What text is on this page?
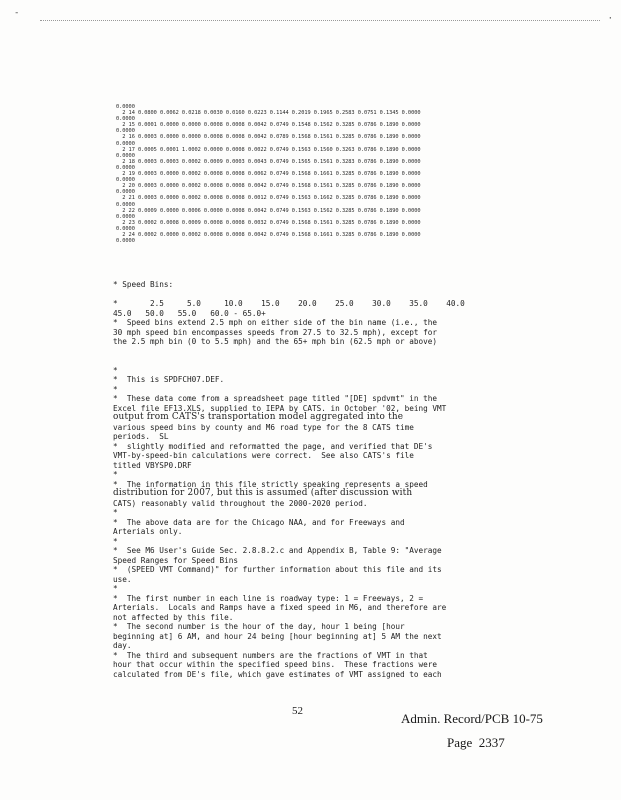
-
·
0.0000
2 14 0.0800 0.0062 0.0218 0.0030 0.0160 0.0223 0.1144 0.2019 0.1965 0.2583 0.0751 0.1345 0.0000
0.0000
2 15 0.0001 0.0000 0.0000 0.0008 0.0008 0.0042 0.0749 0.1548 0.1562 0.3285 0.0786 0.1890 0.0000
0.0000
2 16 0.0003 0.0000 0.0000 0.0008 0.0008 0.0042 0.0789 0.1568 0.1561 0.3285 0.0786 0.1890 0.0000
0.0000
2 17 0.0005 0.0001 1.0002 0.0000 0.0008 0.0022 0.0749 0.1563 0.1560 0.3263 0.0786 0.1890 0.0000
0.0000
2 18 0.0003 0.0003 0.0002 0.0009 0.0003 0.0043 0.0749 0.1565 0.1561 0.3283 0.0786 0.1890 0.0000
0.0000
2 19 0.0003 0.0000 0.0002 0.0008 0.0008 0.0062 0.0749 0.1568 0.1661 0.3285 0.0786 0.1890 0.0000
0.0000
2 20 0.0003 0.0000 0.0002 0.0008 0.0008 0.0042 0.0749 0.1568 0.1561 0.3285 0.0786 0.1890 0.0000
0.0000
2 21 0.0003 0.0000 0.0002 0.0008 0.0008 0.0012 0.0749 0.1563 0.1662 0.3285 0.0786 0.1890 0.0000
0.0000
2 22 0.0009 0.0000 0.0006 0.0000 0.0008 0.0042 0.0749 0.1563 0.1562 0.3285 0.0786 0.1890 0.0000
0.0000
2 23 0.0002 0.0008 0.0009 0.0008 0.0008 0.0032 0.0749 0.1568 0.1561 0.3285 0.0786 0.1890 0.0000
0.0000
2 24 0.0002 0.0000 0.0002 0.0008 0.0008 0.0042 0.0749 0.1568 0.1661 0.3285 0.0786 0.1890 0.0000
0.0000
* Speed Bins:

*       2.5     5.0     10.0    15.0    20.0    25.0    30.0    35.0    40.0
45.0   50.0   55.0   60.0 - 65.0+
*  Speed bins extend 2.5 mph on either side of the bin name (i.e., the
30 mph speed bin encompasses speeds from 27.5 to 32.5 mph), except for
the 2.5 mph bin (0 to 5.5 mph) and the 65+ mph bin (62.5 mph or above)

*
*  This is SPDFCH07.DEF.
*
*  These data come from a spreadsheet page titled "[DE] spdvmt" in the
Excel file EF13.XLS, supplied to IEPA by CATS. in October '02, being VMT
output from CATS's transportation model aggregated into the
various speed bins by county and M6 road type for the 8 CATS time
periods.  SL
*  slightly modified and reformatted the page, and verified that DE's
VMT-by-speed-bin calculations were correct.  See also CATS's file
titled VBYSP0.DRF
*
*  The information in this file strictly speaking represents a speed
distribution for 2007, but this is assumed (after discussion with
CATS) reasonably valid throughout the 2000-2020 period.
*
*  The above data are for the Chicago NAA, and for Freeways and
Arterials only.
*
*  See M6 User's Guide Sec. 2.8.8.2.c and Appendix B, Table 9: "Average
Speed Ranges for Speed Bins
*  (SPEED VMT Command)" for further information about this file and its
use.
*
*  The first number in each line is roadway type: 1 = Freeways, 2 =
Arterials.  Locals and Ramps have a fixed speed in M6, and therefore are
not affected by this file.
*  The second number is the hour of the day, hour 1 being [hour
beginning at] 6 AM, and hour 24 being [hour beginning at] 5 AM the next
day.
*  The third and subsequent numbers are the fractions of VMT in that
hour that occur within the specified speed bins.  These fractions were
calculated from DE's file, which gave estimates of VMT assigned to each
52	Admin. Record/PCB 10-75
Page  2337
